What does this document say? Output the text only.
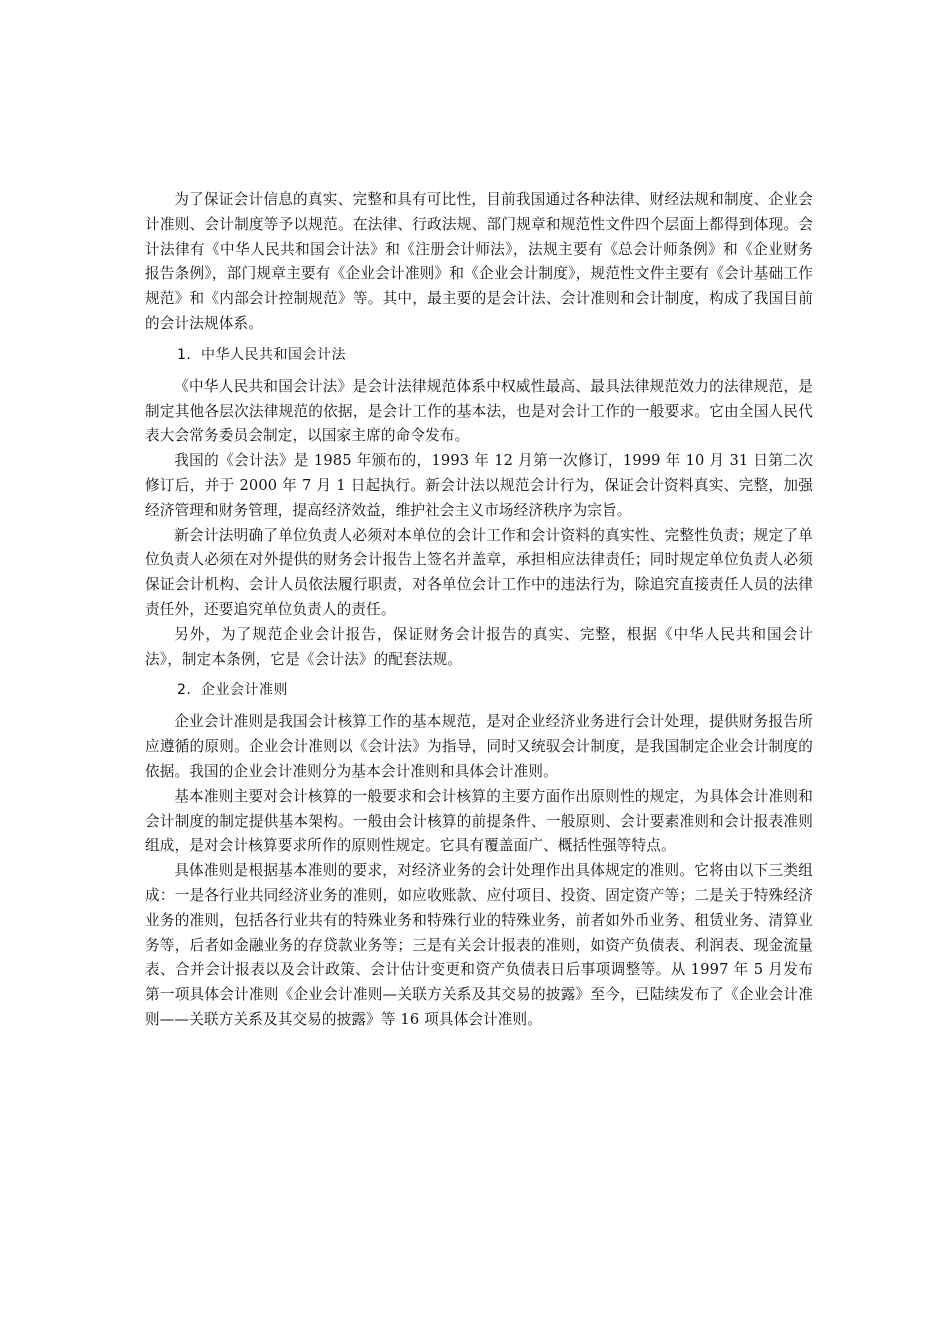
为了保证会计信息的真实、完整和具有可比性，目前我国通过各种法律、财经法规和制度、企业会计准则、会计制度等予以规范。在法律、行政法规、部门规章和规范性文件四个层面上都得到体现。会计法律有《中华人民共和国会计法》和《注册会计师法》，法规主要有《总会计师条例》和《企业财务报告条例》，部门规章主要有《企业会计准则》和《企业会计制度》，规范性文件主要有《会计基础工作规范》和《内部会计控制规范》等。其中，最主要的是会计法、会计准则和会计制度，构成了我国目前的会计法规体系。

1. 中华人民共和国会计法

《中华人民共和国会计法》是会计法律规范体系中权威性最高、最具法律规范效力的法律规范，是制定其他各层次法律规范的依据，是会计工作的基本法，也是对会计工作的一般要求。它由全国人民代表大会常务委员会制定，以国家主席的命令发布。

我国的《会计法》是 1985 年颁布的，1993 年 12 月第一次修订，1999 年 10 月 31 日第二次修订后，并于 2000 年 7 月 1 日起执行。新会计法以规范会计行为，保证会计资料真实、完整，加强经济管理和财务管理，提高经济效益，维护社会主义市场经济秩序为宗旨。

新会计法明确了单位负责人必须对本单位的会计工作和会计资料的真实性、完整性负责；规定了单位负责人必须在对外提供的财务会计报告上签名并盖章，承担相应法律责任；同时规定单位负责人必须保证会计机构、会计人员依法履行职责，对各单位会计工作中的违法行为，除追究直接责任人员的法律责任外，还要追究单位负责人的责任。

另外，为了规范企业会计报告，保证财务会计报告的真实、完整，根据《中华人民共和国会计法》，制定本条例，它是《会计法》的配套法规。

2. 企业会计准则

企业会计准则是我国会计核算工作的基本规范，是对企业经济业务进行会计处理，提供财务报告所应遵循的原则。企业会计准则以《会计法》为指导，同时又统驭会计制度，是我国制定企业会计制度的依据。我国的企业会计准则分为基本会计准则和具体会计准则。

基本准则主要对会计核算的一般要求和会计核算的主要方面作出原则性的规定，为具体会计准则和会计制度的制定提供基本架构。一般由会计核算的前提条件、一般原则、会计要素准则和会计报表准则组成，是对会计核算要求所作的原则性规定。它具有覆盖面广、概括性强等特点。

具体准则是根据基本准则的要求，对经济业务的会计处理作出具体规定的准则。它将由以下三类组成：一是各行业共同经济业务的准则，如应收账款、应付项目、投资、固定资产等；二是关于特殊经济业务的准则，包括各行业共有的特殊业务和特殊行业的特殊业务，前者如外币业务、租赁业务、清算业务等，后者如金融业务的存贷款业务等；三是有关会计报表的准则，如资产负债表、利润表、现金流量表、合并会计报表以及会计政策、会计估计变更和资产负债表日后事项调整等。从 1997 年 5 月发布第一项具体会计准则《企业会计准则—关联方关系及其交易的披露》至今，已陆续发布了《企业会计准则——关联方关系及其交易的披露》等 16 项具体会计准则。
